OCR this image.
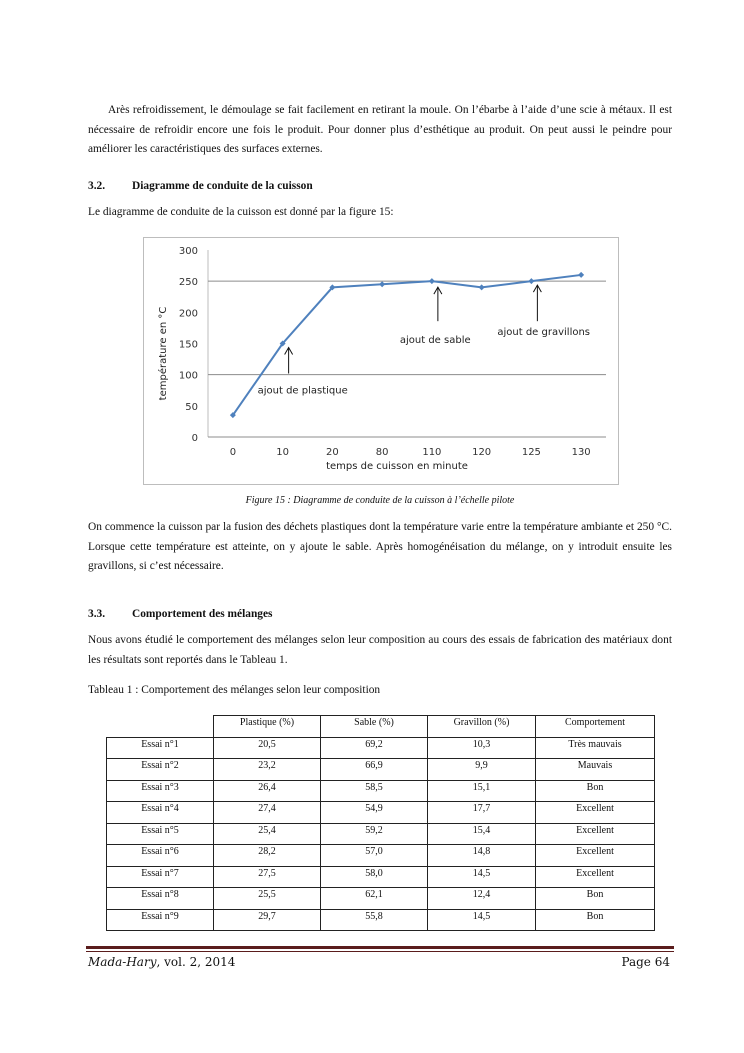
Arès refroidissement, le démoulage se fait facilement en retirant la moule. On l’ébarbe à l’aide d’une scie à métaux. Il est nécessaire de refroidir encore une fois le produit. Pour donner plus d’esthétique au produit. On peut aussi le peindre pour améliorer les caractéristiques des surfaces externes.

3.2. Diagramme de conduite de la cuisson

Le diagramme de conduite de la cuisson est donné par la figure 15:

0
50
100
150
200
250
300
0	10	20	80	110	120	125	130
temps de cuisson en minute
température en °C	ajout de plastique
ajout de sable
ajout de gravillons

Figure 15 : Diagramme de conduite de la cuisson à l’échelle pilote

On commence la cuisson par la fusion des déchets plastiques dont la température varie entre la température ambiante et 250 °C. Lorsque cette température est atteinte, on y ajoute le sable. Après homogénéisation du mélange, on y introduit ensuite les gravillons, si c’est nécessaire.

3.3. Comportement des mélanges

Nous avons étudié le comportement des mélanges selon leur composition au cours des essais de fabrication des matériaux dont les résultats sont reportés dans le Tableau 1.

Tableau 1 : Comportement des mélanges selon leur composition

	Plastique (%)	Sable (%)	Gravillon (%)	Comportement
Essai n°1	20,5	69,2	10,3	Très mauvais
Essai n°2	23,2	66,9	9,9	Mauvais
Essai n°3	26,4	58,5	15,1	Bon
Essai n°4	27,4	54,9	17,7	Excellent
Essai n°5	25,4	59,2	15,4	Excellent
Essai n°6	28,2	57,0	14,8	Excellent
Essai n°7	27,5	58,0	14,5	Excellent
Essai n°8	25,5	62,1	12,4	Bon
Essai n°9	29,7	55,8	14,5	Bon
Mada-Hary, vol. 2, 2014	Page 64
